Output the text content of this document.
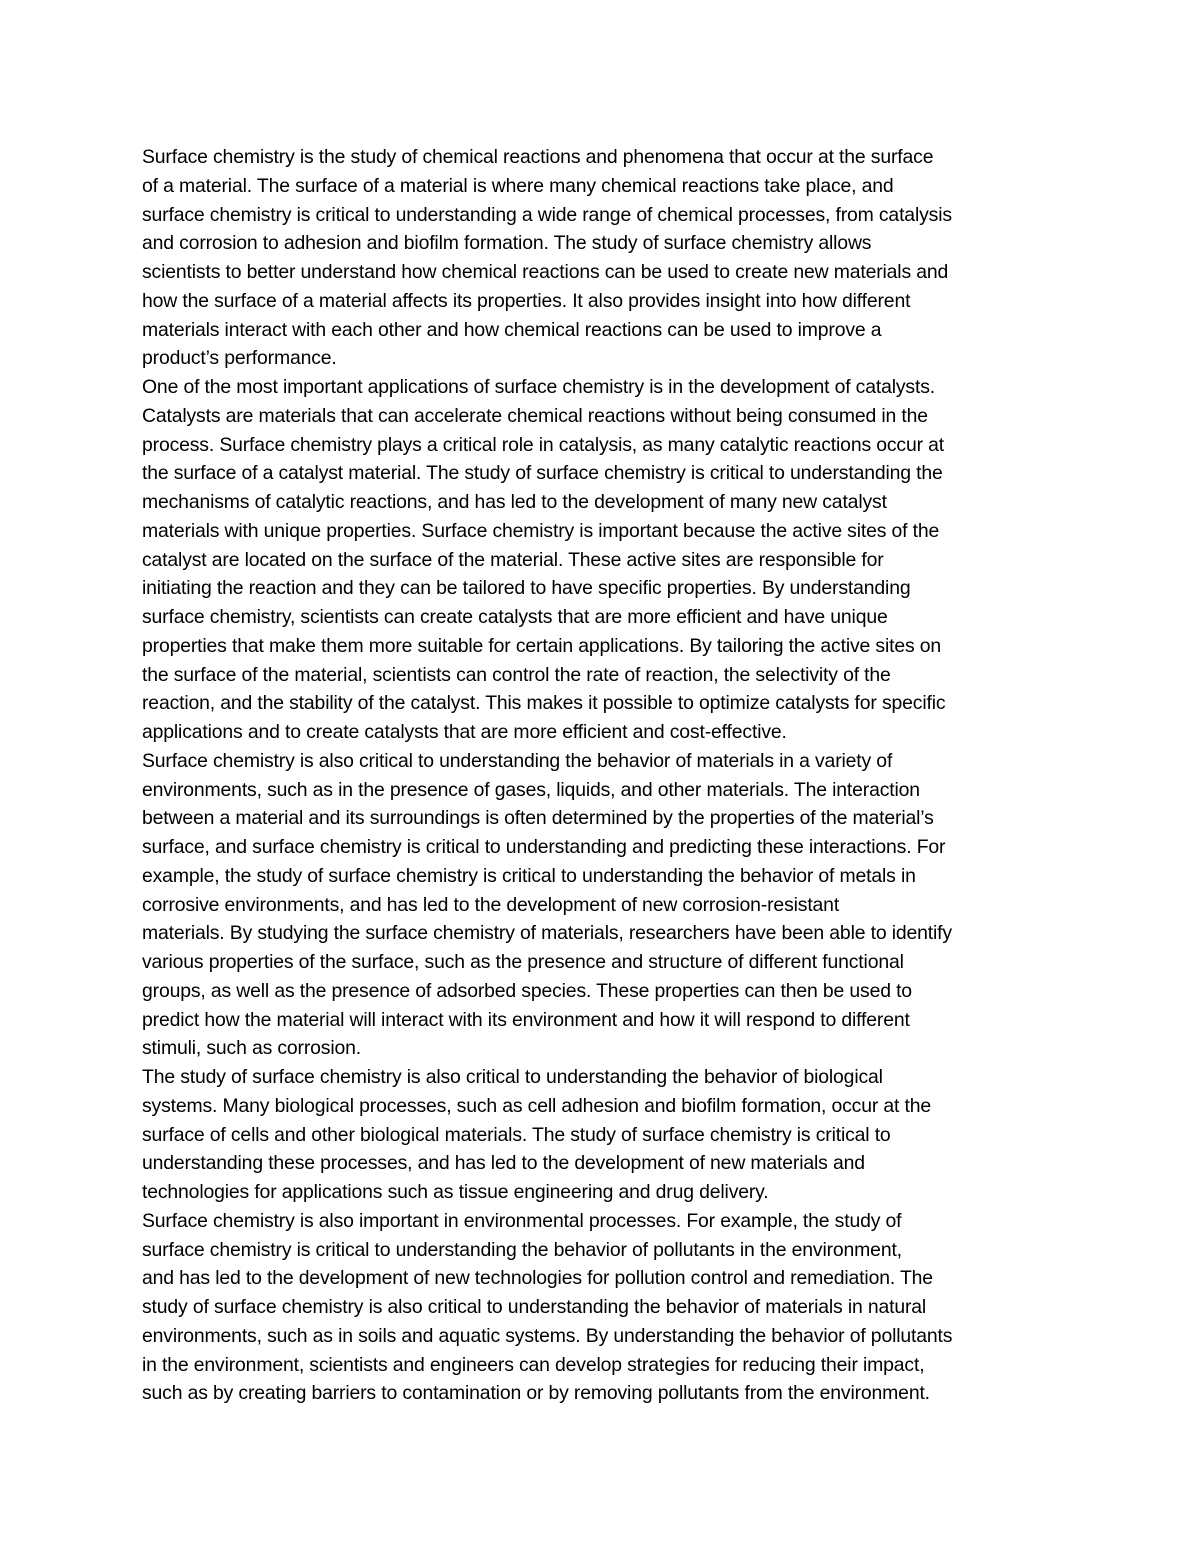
Surface chemistry is the study of chemical reactions and phenomena that occur at the surface
of a material. The surface of a material is where many chemical reactions take place, and
surface chemistry is critical to understanding a wide range of chemical processes, from catalysis
and corrosion to adhesion and biofilm formation. The study of surface chemistry allows
scientists to better understand how chemical reactions can be used to create new materials and
how the surface of a material affects its properties. It also provides insight into how different
materials interact with each other and how chemical reactions can be used to improve a
product’s performance.
One of the most important applications of surface chemistry is in the development of catalysts.
Catalysts are materials that can accelerate chemical reactions without being consumed in the
process. Surface chemistry plays a critical role in catalysis, as many catalytic reactions occur at
the surface of a catalyst material. The study of surface chemistry is critical to understanding the
mechanisms of catalytic reactions, and has led to the development of many new catalyst
materials with unique properties. Surface chemistry is important because the active sites of the
catalyst are located on the surface of the material. These active sites are responsible for
initiating the reaction and they can be tailored to have specific properties. By understanding
surface chemistry, scientists can create catalysts that are more efficient and have unique
properties that make them more suitable for certain applications. By tailoring the active sites on
the surface of the material, scientists can control the rate of reaction, the selectivity of the
reaction, and the stability of the catalyst. This makes it possible to optimize catalysts for specific
applications and to create catalysts that are more efficient and cost-effective.
Surface chemistry is also critical to understanding the behavior of materials in a variety of
environments, such as in the presence of gases, liquids, and other materials. The interaction
between a material and its surroundings is often determined by the properties of the material’s
surface, and surface chemistry is critical to understanding and predicting these interactions. For
example, the study of surface chemistry is critical to understanding the behavior of metals in
corrosive environments, and has led to the development of new corrosion-resistant
materials. By studying the surface chemistry of materials, researchers have been able to identify
various properties of the surface, such as the presence and structure of different functional
groups, as well as the presence of adsorbed species. These properties can then be used to
predict how the material will interact with its environment and how it will respond to different
stimuli, such as corrosion.
The study of surface chemistry is also critical to understanding the behavior of biological
systems. Many biological processes, such as cell adhesion and biofilm formation, occur at the
surface of cells and other biological materials. The study of surface chemistry is critical to
understanding these processes, and has led to the development of new materials and
technologies for applications such as tissue engineering and drug delivery.
Surface chemistry is also important in environmental processes. For example, the study of
surface chemistry is critical to understanding the behavior of pollutants in the environment,
and has led to the development of new technologies for pollution control and remediation. The
study of surface chemistry is also critical to understanding the behavior of materials in natural
environments, such as in soils and aquatic systems. By understanding the behavior of pollutants
in the environment, scientists and engineers can develop strategies for reducing their impact,
such as by creating barriers to contamination or by removing pollutants from the environment.
